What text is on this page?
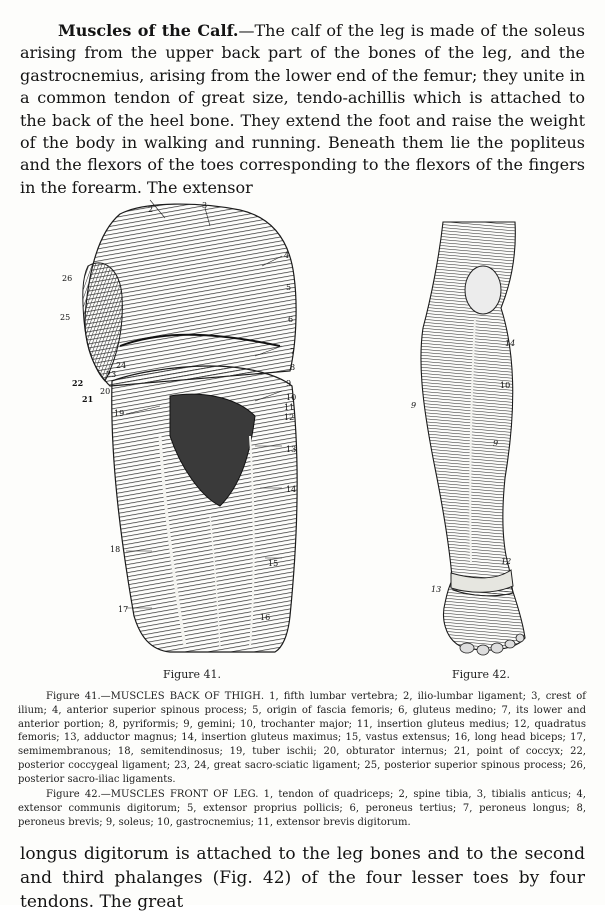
Muscles of the Calf.—The calf of the leg is made of the soleus arising from the upper back part of the bones of the leg, and the gastrocnemius, arising from the lower end of the femur; they unite in a common tendon of great size, tendo-achillis which is attached to the back of the heel bone. They extend the foot and raise the weight of the body in walking and running. Beneath them lie the popliteus and the flexors of the toes corresponding to the flexors of the fingers in the forearm. The extensor

2	3
4
5
6
7
8
9
10
11
12
13
14
15
16
17
18
19
20
21
22
23
24
25
26
14
10
9
9
12
13
Figure 41.	Figure 42.

Figure 41.—MUSCLES BACK OF THIGH. 1, fifth lumbar vertebra; 2, ilio-lumbar ligament; 3, crest of ilium; 4, anterior superior spinous process; 5, origin of fascia femoris; 6, gluteus medino; 7, its lower and anterior portion; 8, pyriformis; 9, gemini; 10, trochanter major; 11, insertion gluteus medius; 12, quadratus femoris; 13, adductor magnus; 14, insertion gluteus maximus; 15, vastus extensus; 16, long head biceps; 17, semimembranous; 18, semitendinosus; 19, tuber ischii; 20, obturator internus; 21, point of coccyx; 22, posterior coccygeal ligament; 23, 24, great sacro-sciatic ligament; 25, posterior superior spinous process; 26, posterior sacro-iliac ligaments.

Figure 42.—MUSCLES FRONT OF LEG. 1, tendon of quadriceps; 2, spine tibia, 3, tibialis anticus; 4, extensor communis digitorum; 5, extensor proprius pollicis; 6, peroneus tertius; 7, peroneus longus; 8, peroneus brevis; 9, soleus; 10, gastrocnemius; 11, extensor brevis digitorum.

longus digitorum is attached to the leg bones and to the second and third phalanges (Fig. 42) of the four lesser toes by four tendons. The great
